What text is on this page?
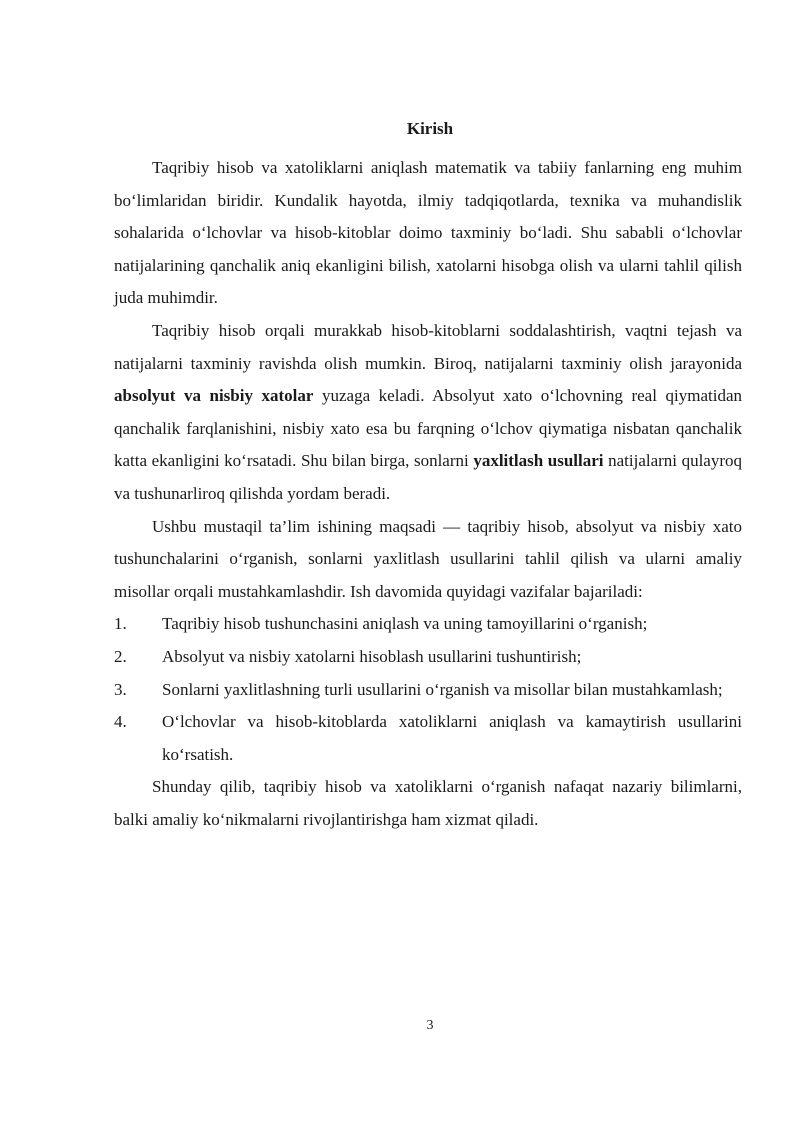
Kirish

Taqribiy hisob va xatoliklarni aniqlash matematik va tabiiy fanlarning eng muhim bo‘limlaridan biridir. Kundalik hayotda, ilmiy tadqiqotlarda, texnika va muhandislik sohalarida o‘lchovlar va hisob-kitoblar doimo taxminiy bo‘ladi. Shu sababli o‘lchovlar natijalarining qanchalik aniq ekanligini bilish, xatolarni hisobga olish va ularni tahlil qilish juda muhimdir.

Taqribiy hisob orqali murakkab hisob-kitoblarni soddalashtirish, vaqtni tejash va natijalarni taxminiy ravishda olish mumkin. Biroq, natijalarni taxminiy olish jarayonida absolyut va nisbiy xatolar yuzaga keladi. Absolyut xato o‘lchovning real qiymatidan qanchalik farqlanishini, nisbiy xato esa bu farqning o‘lchov qiymatiga nisbatan qanchalik katta ekanligini ko‘rsatadi. Shu bilan birga, sonlarni yaxlitlash usullari natijalarni qulayroq va tushunarliroq qilishda yordam beradi.

Ushbu mustaqil ta’lim ishining maqsadi — taqribiy hisob, absolyut va nisbiy xato tushunchalarini o‘rganish, sonlarni yaxlitlash usullarini tahlil qilish va ularni amaliy misollar orqali mustahkamlashdir. Ish davomida quyidagi vazifalar bajariladi:

1.	Taqribiy hisob tushunchasini aniqlash va uning tamoyillarini o‘rganish;
2.	Absolyut va nisbiy xatolarni hisoblash usullarini tushuntirish;
3.	Sonlarni yaxlitlashning turli usullarini o‘rganish va misollar bilan mustahkamlash;
4.	O‘lchovlar va hisob-kitoblarda xatoliklarni aniqlash va kamaytirish usullarini ko‘rsatish.

Shunday qilib, taqribiy hisob va xatoliklarni o‘rganish nafaqat nazariy bilimlarni, balki amaliy ko‘nikmalarni rivojlantirishga ham xizmat qiladi.

3
